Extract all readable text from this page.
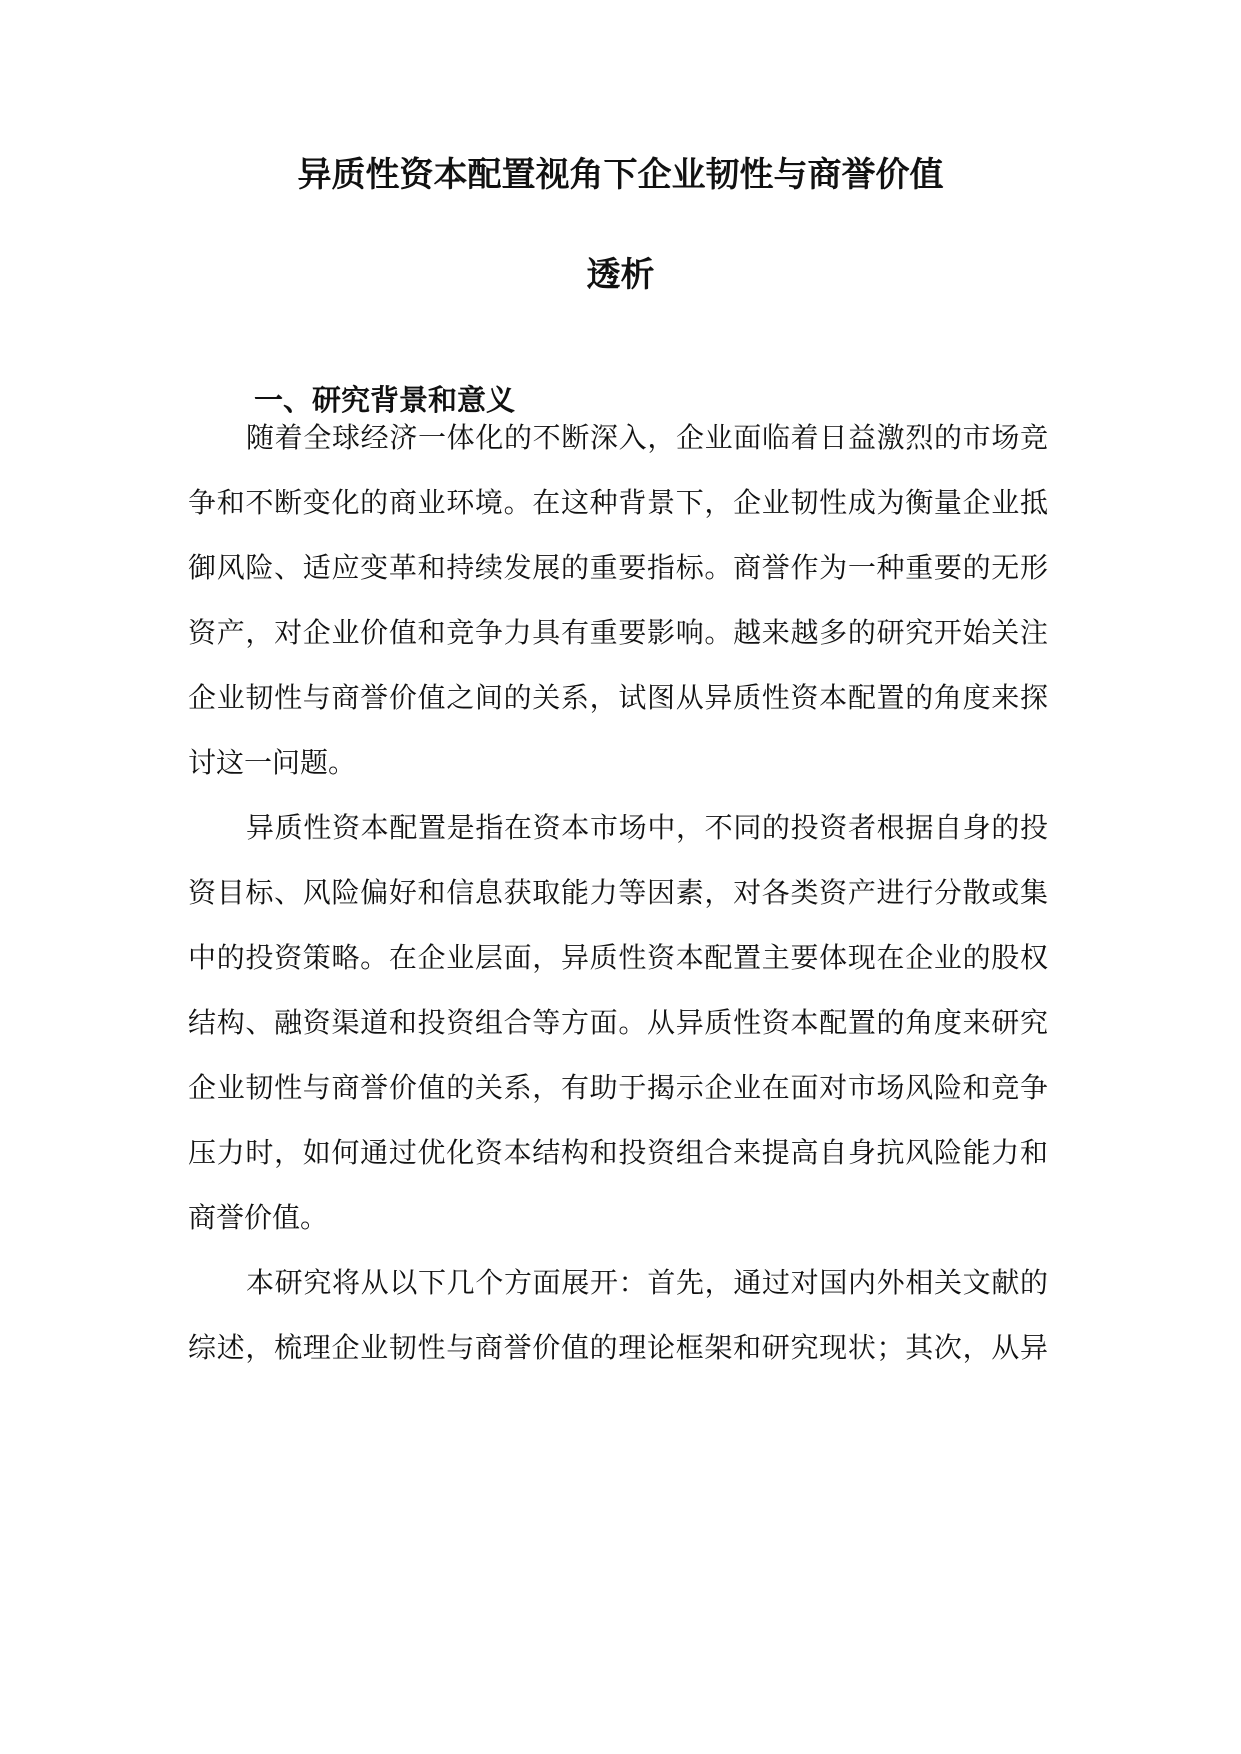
异质性资本配置视角下企业韧性与商誉价值
透析
一、研究背景和意义

随着全球经济一体化的不断深入，企业面临着日益激烈的市场竞

争和不断变化的商业环境。在这种背景下，企业韧性成为衡量企业抵

御风险、适应变革和持续发展的重要指标。商誉作为一种重要的无形

资产，对企业价值和竞争力具有重要影响。越来越多的研究开始关注

企业韧性与商誉价值之间的关系，试图从异质性资本配置的角度来探

讨这一问题。

异质性资本配置是指在资本市场中，不同的投资者根据自身的投

资目标、风险偏好和信息获取能力等因素，对各类资产进行分散或集

中的投资策略。在企业层面，异质性资本配置主要体现在企业的股权

结构、融资渠道和投资组合等方面。从异质性资本配置的角度来研究

企业韧性与商誉价值的关系，有助于揭示企业在面对市场风险和竞争

压力时，如何通过优化资本结构和投资组合来提高自身抗风险能力和

商誉价值。

本研究将从以下几个方面展开：首先，通过对国内外相关文献的

综述，梳理企业韧性与商誉价值的理论框架和研究现状；其次，从异
